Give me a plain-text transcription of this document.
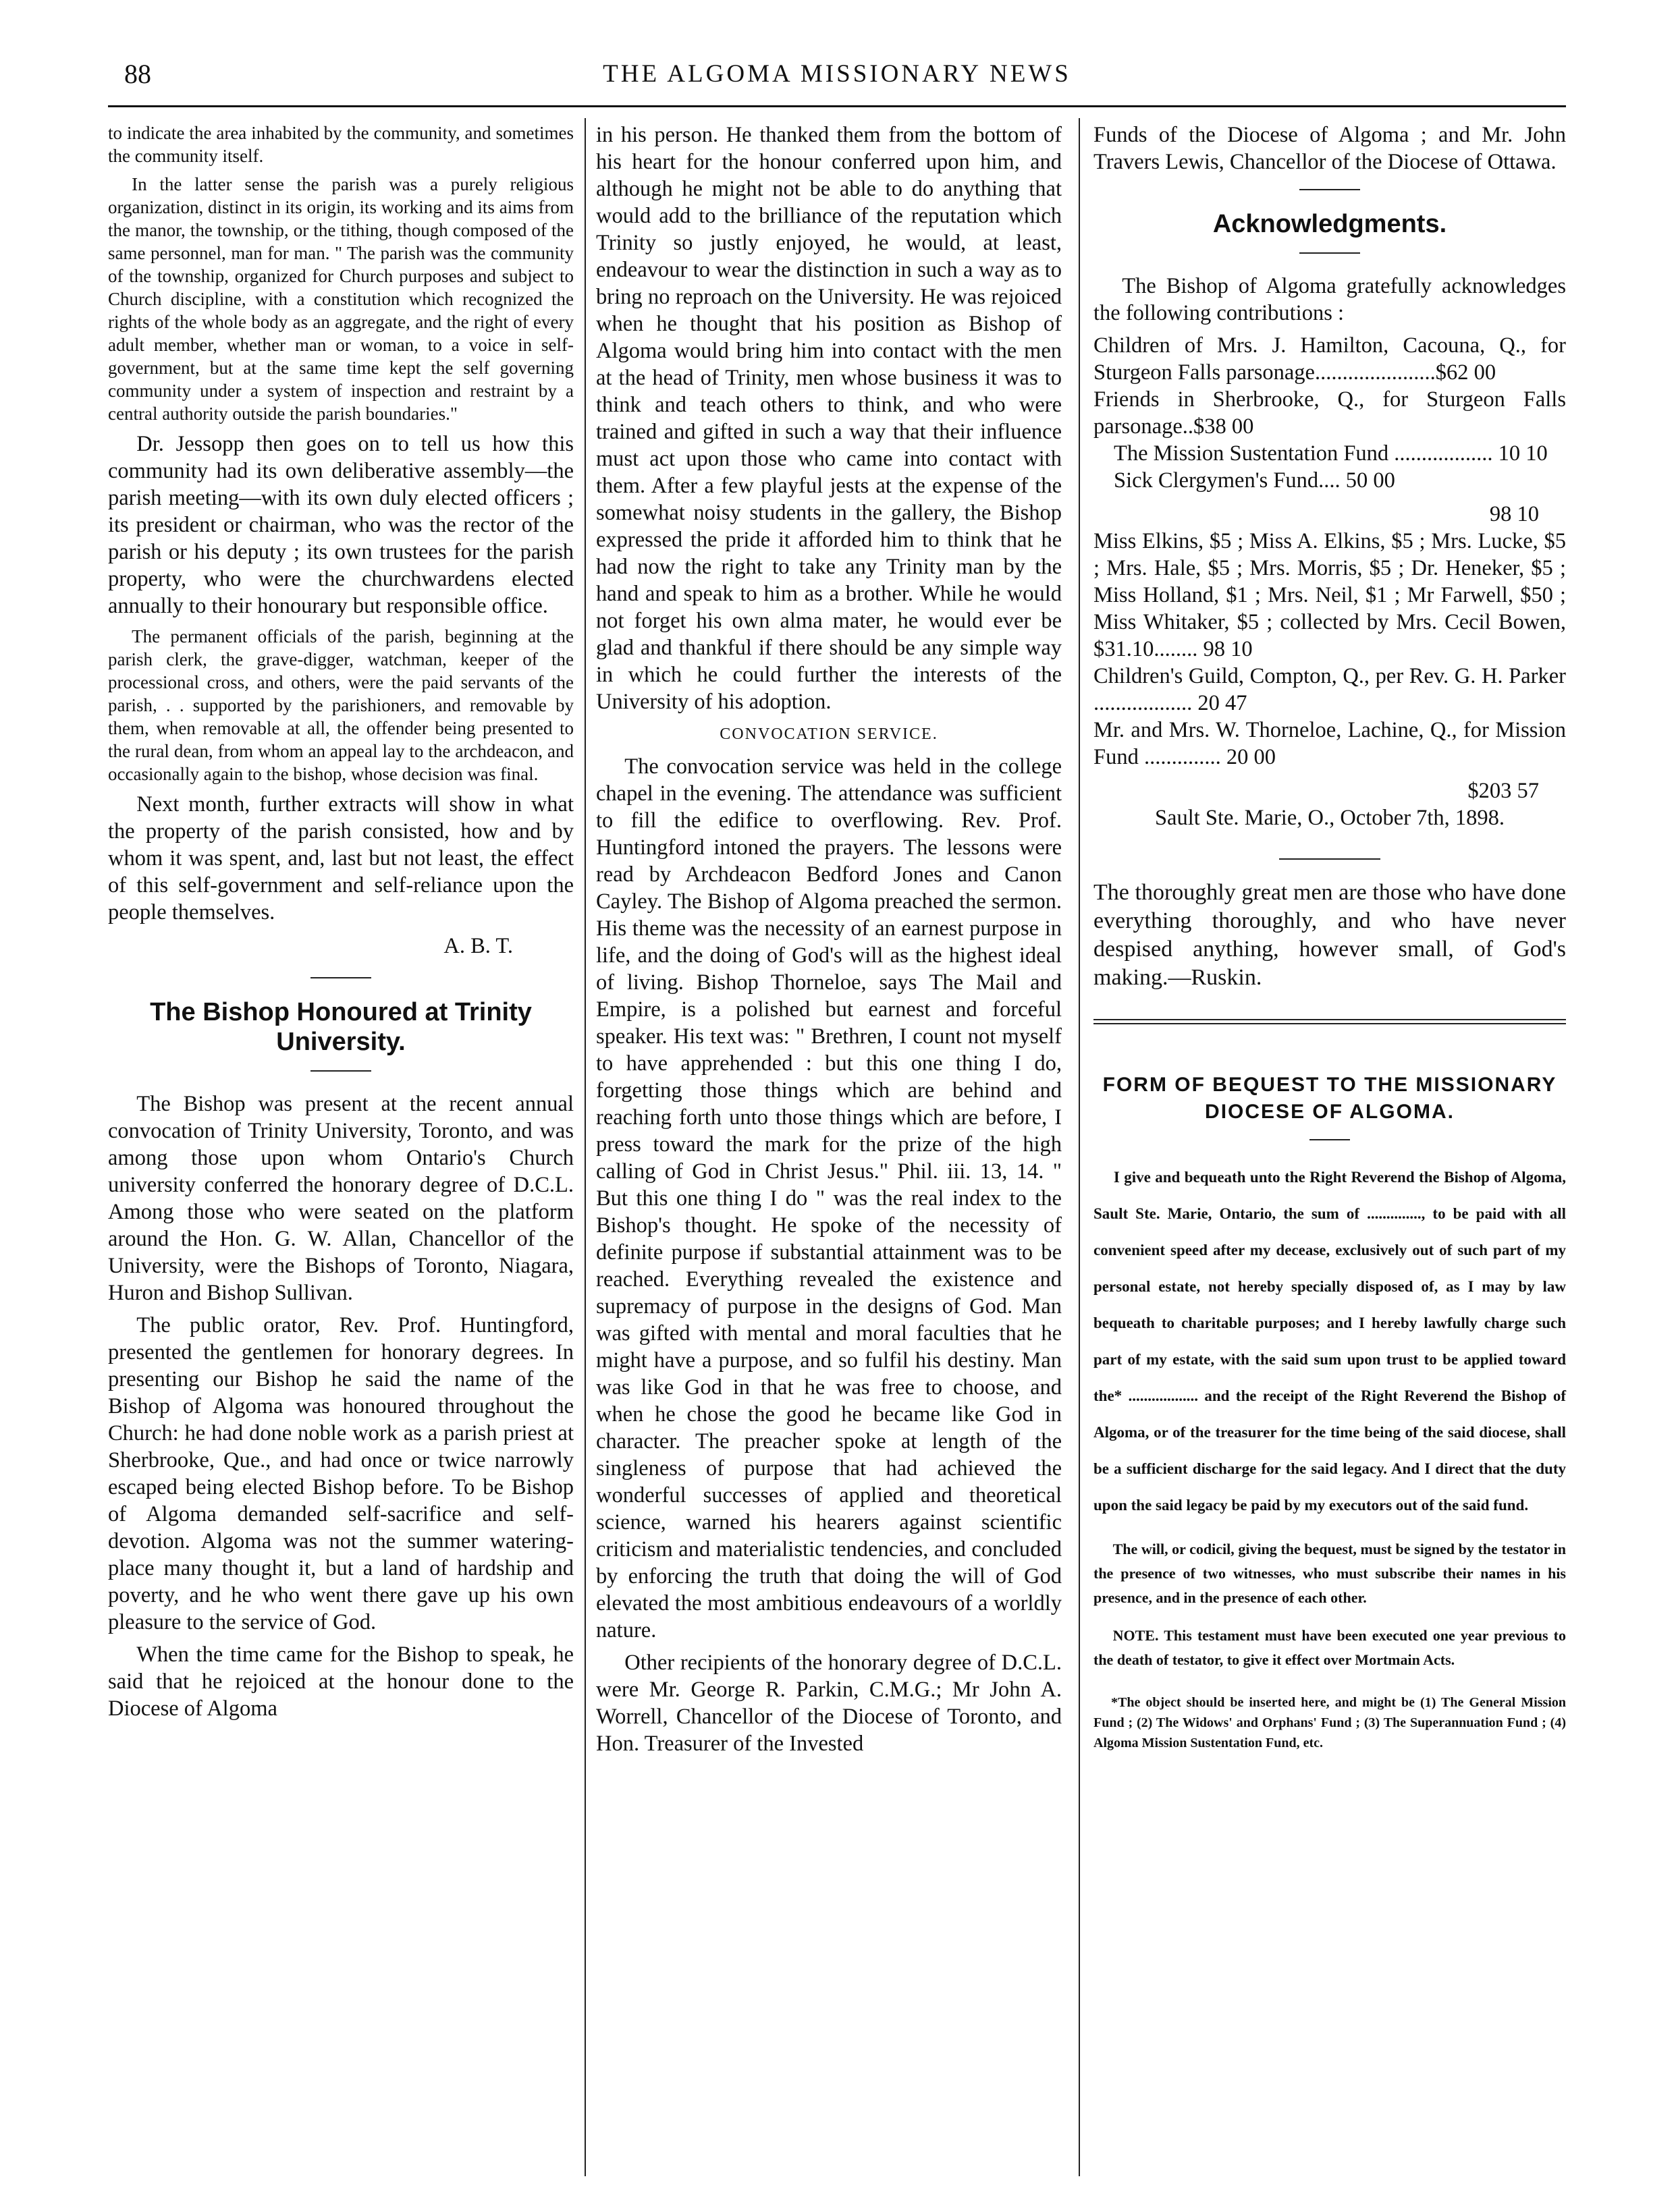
88	THE ALGOMA MISSIONARY NEWS

to indicate the area inhabited by the community, and sometimes the community itself.

In the latter sense the parish was a purely religious organization, distinct in its origin, its working and its aims from the manor, the township, or the tithing, though composed of the same personnel, man for man. " The parish was the community of the township, organized for Church purposes and subject to Church discipline, with a constitution which recognized the rights of the whole body as an aggregate, and the right of every adult member, whether man or woman, to a voice in self-government, but at the same time kept the self governing community under a system of inspection and restraint by a central authority outside the parish boundaries."

Dr. Jessopp then goes on to tell us how this community had its own deliberative assembly—the parish meeting—with its own duly elected officers ; its president or chairman, who was the rector of the parish or his deputy ; its own trustees for the parish property, who were the churchwardens elected annually to their honourary but responsible office.

The permanent officials of the parish, beginning at the parish clerk, the grave-digger, watchman, keeper of the processional cross, and others, were the paid servants of the parish, . . supported by the parishioners, and removable by them, when removable at all, the offender being presented to the rural dean, from whom an appeal lay to the archdeacon, and occasionally again to the bishop, whose decision was final.

Next month, further extracts will show in what the property of the parish consisted, how and by whom it was spent, and, last but not least, the effect of this self-government and self-reliance upon the people themselves.

A. B. T.
The Bishop Honoured at Trinity University.

The Bishop was present at the recent annual convocation of Trinity University, Toronto, and was among those upon whom Ontario's Church university conferred the honorary degree of D.C.L. Among those who were seated on the platform around the Hon. G. W. Allan, Chancellor of the University, were the Bishops of Toronto, Niagara, Huron and Bishop Sullivan.

The public orator, Rev. Prof. Huntingford, presented the gentlemen for honorary degrees. In presenting our Bishop he said the name of the Bishop of Algoma was honoured throughout the Church: he had done noble work as a parish priest at Sherbrooke, Que., and had once or twice narrowly escaped being elected Bishop before. To be Bishop of Algoma demanded self-sacrifice and self-devotion. Algoma was not the summer watering-place many thought it, but a land of hardship and poverty, and he who went there gave up his own pleasure to the service of God.

When the time came for the Bishop to speak, he said that he rejoiced at the honour done to the Diocese of Algoma

in his person. He thanked them from the bottom of his heart for the honour conferred upon him, and although he might not be able to do anything that would add to the brilliance of the reputation which Trinity so justly enjoyed, he would, at least, endeavour to wear the distinction in such a way as to bring no reproach on the University. He was rejoiced when he thought that his position as Bishop of Algoma would bring him into contact with the men at the head of Trinity, men whose business it was to think and teach others to think, and who were trained and gifted in such a way that their influence must act upon those who came into contact with them. After a few playful jests at the expense of the somewhat noisy students in the gallery, the Bishop expressed the pride it afforded him to think that he had now the right to take any Trinity man by the hand and speak to him as a brother. While he would not forget his own alma mater, he would ever be glad and thankful if there should be any simple way in which he could further the interests of the University of his adoption.

CONVOCATION SERVICE.

The convocation service was held in the college chapel in the evening. The attendance was sufficient to fill the edifice to overflowing. Rev. Prof. Huntingford intoned the prayers. The lessons were read by Archdeacon Bedford Jones and Canon Cayley. The Bishop of Algoma preached the sermon. His theme was the necessity of an earnest purpose in life, and the doing of God's will as the highest ideal of living. Bishop Thorneloe, says The Mail and Empire, is a polished but earnest and forceful speaker. His text was: " Brethren, I count not myself to have apprehended : but this one thing I do, forgetting those things which are behind and reaching forth unto those things which are before, I press toward the mark for the prize of the high calling of God in Christ Jesus." Phil. iii. 13, 14. " But this one thing I do " was the real index to the Bishop's thought. He spoke of the necessity of definite purpose if substantial attainment was to be reached. Everything revealed the existence and supremacy of purpose in the designs of God. Man was gifted with mental and moral faculties that he might have a purpose, and so fulfil his destiny. Man was like God in that he was free to choose, and when he chose the good he became like God in character. The preacher spoke at length of the singleness of purpose that had achieved the wonderful successes of applied and theoretical science, warned his hearers against scientific criticism and materialistic tendencies, and concluded by enforcing the truth that doing the will of God elevated the most ambitious endeavours of a worldly nature.

Other recipients of the honorary degree of D.C.L. were Mr. George R. Parkin, C.M.G.; Mr John A. Worrell, Chancellor of the Diocese of Toronto, and Hon. Treasurer of the Invested

Funds of the Diocese of Algoma ; and Mr. John Travers Lewis, Chancellor of the Diocese of Ottawa.

Acknowledgments.

The Bishop of Algoma gratefully acknowledges the following contributions :

Children of Mrs. J. Hamilton, Cacouna, Q., for Sturgeon Falls parsonage......................$62 00

Friends in Sherbrooke, Q., for Sturgeon Falls parsonage..$38 00

The Mission Sustentation Fund .................. 10 10

Sick Clergymen's Fund.... 50 00

98 10

Miss Elkins, $5 ; Miss A. Elkins, $5 ; Mrs. Lucke, $5 ; Mrs. Hale, $5 ; Mrs. Morris, $5 ; Dr. Heneker, $5 ; Miss Holland, $1 ; Mrs. Neil, $1 ; Mr Farwell, $50 ; Miss Whitaker, $5 ; collected by Mrs. Cecil Bowen, $31.10........ 98 10

Children's Guild, Compton, Q., per Rev. G. H. Parker .................. 20 47

Mr. and Mrs. W. Thorneloe, Lachine, Q., for Mission Fund .............. 20 00

$203 57

Sault Ste. Marie, O., October 7th, 1898.

The thoroughly great men are those who have done everything thoroughly, and who have never despised anything, however small, of God's making.—Ruskin.

FORM OF BEQUEST TO THE MISSIONARY DIOCESE OF ALGOMA.

I give and bequeath unto the Right Reverend the Bishop of Algoma, Sault Ste. Marie, Ontario, the sum of .............., to be paid with all convenient speed after my decease, exclusively out of such part of my personal estate, not hereby specially disposed of, as I may by law bequeath to charitable purposes; and I hereby lawfully charge such part of my estate, with the said sum upon trust to be applied toward the* .................. and the receipt of the Right Reverend the Bishop of Algoma, or of the treasurer for the time being of the said diocese, shall be a sufficient discharge for the said legacy. And I direct that the duty upon the said legacy be paid by my executors out of the said fund.

The will, or codicil, giving the bequest, must be signed by the testator in the presence of two witnesses, who must subscribe their names in his presence, and in the presence of each other.

NOTE. This testament must have been executed one year previous to the death of testator, to give it effect over Mortmain Acts.

*The object should be inserted here, and might be (1) The General Mission Fund ; (2) The Widows' and Orphans' Fund ; (3) The Superannuation Fund ; (4) Algoma Mission Sustentation Fund, etc.
